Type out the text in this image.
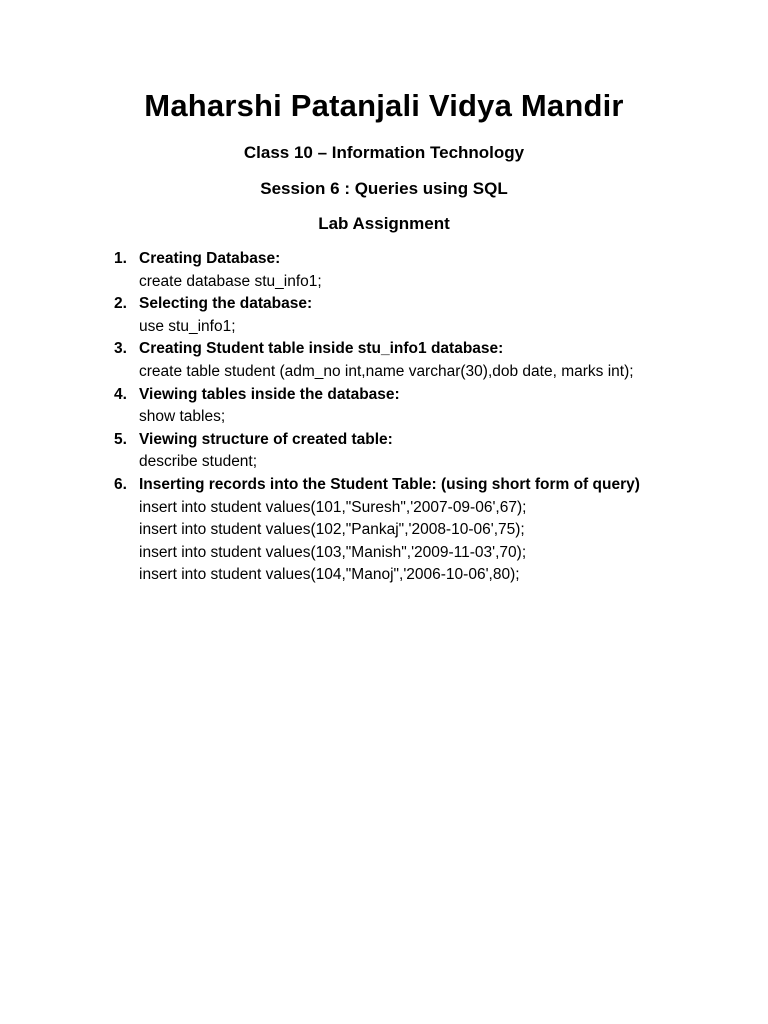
Maharshi Patanjali Vidya Mandir
Class 10 – Information Technology
Session 6 : Queries using SQL
Lab Assignment
1. Creating Database:
create database stu_info1;
2. Selecting the database:
use stu_info1;
3. Creating Student table inside stu_info1 database:
create table student (adm_no int,name varchar(30),dob date, marks int);
4. Viewing tables inside the database:
show tables;
5. Viewing structure of created table:
describe student;
6. Inserting records into the Student Table: (using short form of query)
insert into student values(101,"Suresh",'2007-09-06',67);
insert into student values(102,"Pankaj",'2008-10-06',75);
insert into student values(103,"Manish",'2009-11-03',70);
insert into student values(104,"Manoj",'2006-10-06',80);
